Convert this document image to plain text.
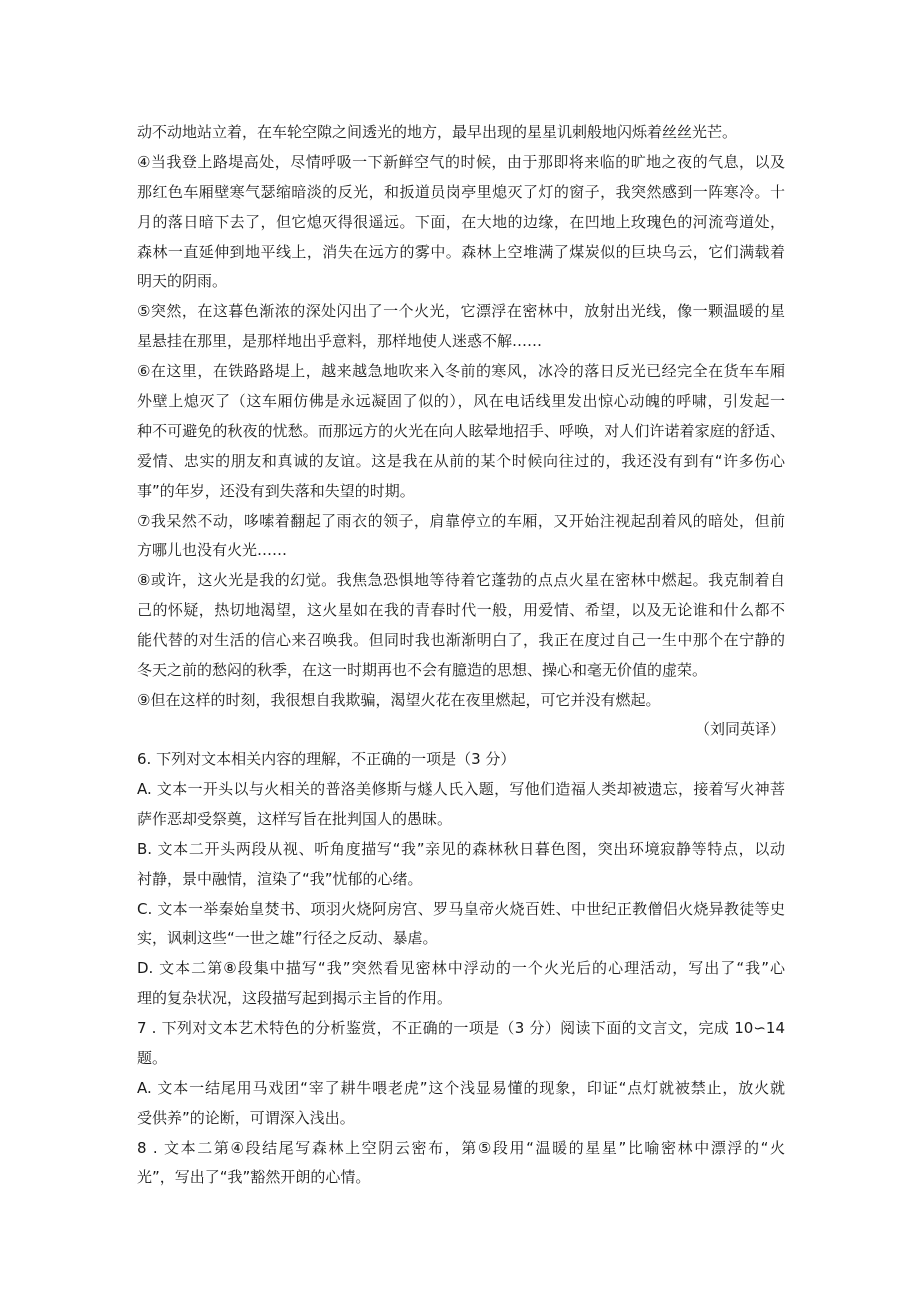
动不动地站立着，在车轮空隙之间透光的地方，最早出现的星星讥刺般地闪烁着丝丝光芒。
④当我登上路堤高处，尽情呼吸一下新鲜空气的时候，由于那即将来临的旷地之夜的气息，以及
那红色车厢壁寒气瑟缩暗淡的反光，和扳道员岗亭里熄灭了灯的窗子，我突然感到一阵寒冷。十
月的落日暗下去了，但它熄灭得很遥远。下面，在大地的边缘，在凹地上玫瑰色的河流弯道处，
森林一直延伸到地平线上，消失在远方的雾中。森林上空堆满了煤炭似的巨块乌云，它们满载着
明天的阴雨。
⑤突然，在这暮色渐浓的深处闪出了一个火光，它漂浮在密林中，放射出光线，像一颗温暖的星
星悬挂在那里，是那样地出乎意料，那样地使人迷惑不解……
⑥在这里，在铁路路堤上，越来越急地吹来入冬前的寒风，冰冷的落日反光已经完全在货车车厢
外壁上熄灭了（这车厢仿佛是永远凝固了似的），风在电话线里发出惊心动魄的呼啸，引发起一
种不可避免的秋夜的忧愁。而那远方的火光在向人眩晕地招手、呼唤，对人们许诺着家庭的舒适、
爱情、忠实的朋友和真诚的友谊。这是我在从前的某个时候向往过的，我还没有到有“许多伤心
事”的年岁，还没有到失落和失望的时期。
⑦我呆然不动，哆嗦着翻起了雨衣的领子，肩靠停立的车厢，又开始注视起刮着风的暗处，但前
方哪儿也没有火光……
⑧或许，这火光是我的幻觉。我焦急恐惧地等待着它蓬勃的点点火星在密林中燃起。我克制着自
己的怀疑，热切地渴望，这火星如在我的青春时代一般，用爱情、希望，以及无论谁和什么都不
能代替的对生活的信心来召唤我。但同时我也渐渐明白了，我正在度过自己一生中那个在宁静的
冬天之前的愁闷的秋季，在这一时期再也不会有臆造的思想、操心和毫无价值的虚荣。
⑨但在这样的时刻，我很想自我欺骗，渴望火花在夜里燃起，可它并没有燃起。
（刘同英译）
6. 下列对文本相关内容的理解，不正确的一项是（3 分）
A. 文本一开头以与火相关的普洛美修斯与燧人氏入题，写他们造福人类却被遗忘，接着写火神菩
萨作恶却受祭奠，这样写旨在批判国人的愚昧。
B. 文本二开头两段从视、听角度描写“我”亲见的森林秋日暮色图，突出环境寂静等特点，以动
衬静，景中融情，渲染了“我”忧郁的心绪。
C. 文本一举秦始皇焚书、项羽火烧阿房宫、罗马皇帝火烧百姓、中世纪正教僧侣火烧异教徒等史
实，讽刺这些“一世之雄”行径之反动、暴虐。
D. 文本二第⑧段集中描写“我”突然看见密林中浮动的一个火光后的心理活动，写出了“我”心
理的复杂状况，这段描写起到揭示主旨的作用。
7 . 下列对文本艺术特色的分析鉴赏，不正确的一项是（3 分）阅读下面的文言文，完成 10∽14
题。
A. 文本一结尾用马戏团“宰了耕牛喂老虎”这个浅显易懂的现象，印证“点灯就被禁止，放火就
受供养”的论断，可谓深入浅出。
8 . 文本二第④段结尾写森林上空阴云密布，第⑤段用“温暖的星星”比喻密林中漂浮的“火
光”，写出了“我”豁然开朗的心情。
